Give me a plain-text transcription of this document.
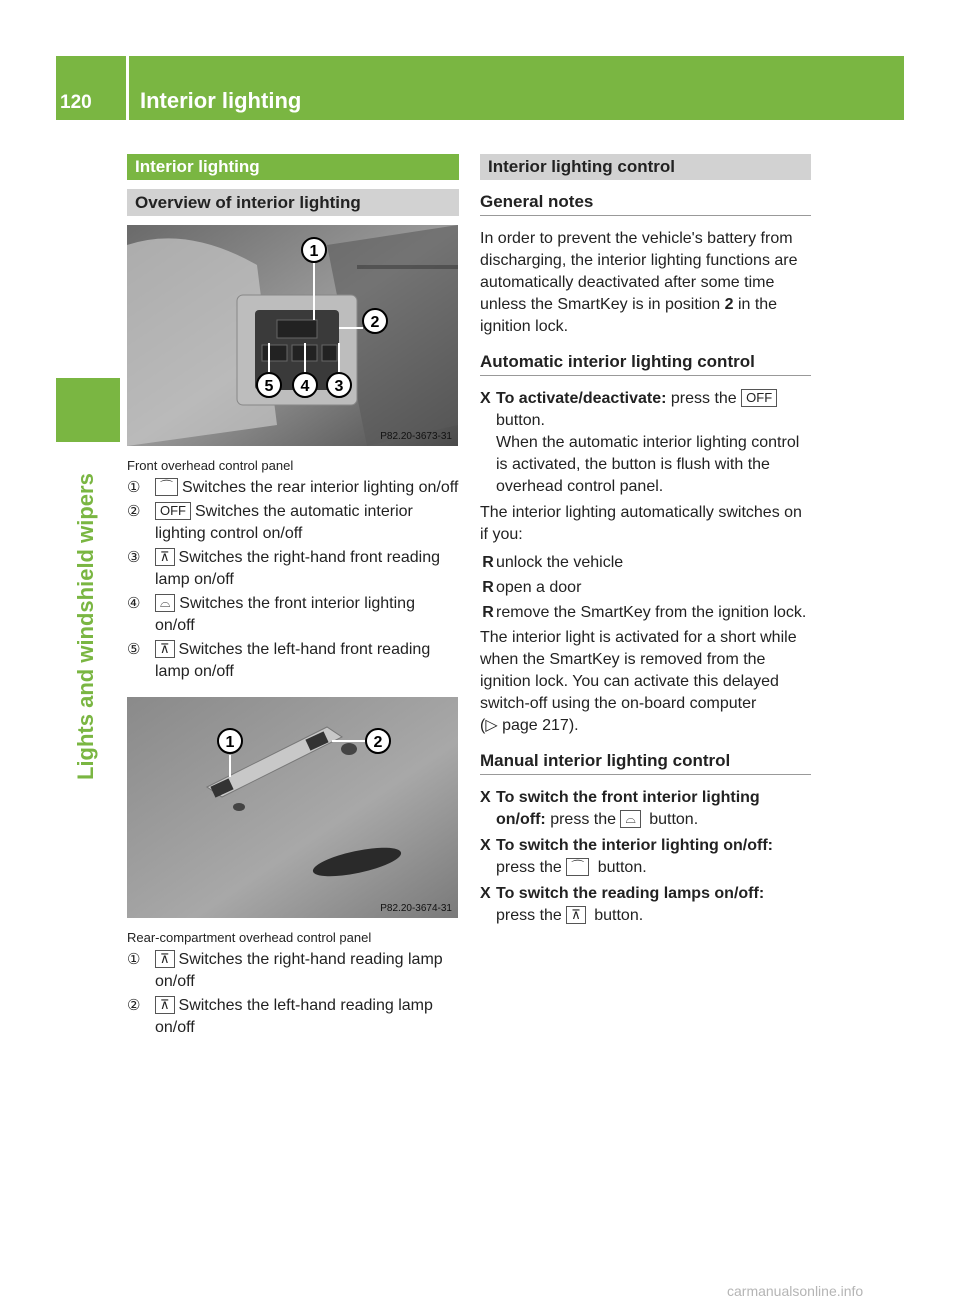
120 Interior lighting
Lights and windshield wipers
Interior lighting
Overview of interior lighting
1
2
3
4
5
P82.20-3673-31
Front overhead control panel
①	⌒ Switches the rear interior lighting on/off
②	OFF Switches the automatic interior lighting control on/off
③	⊼ Switches the right-hand front reading lamp on/off
④	⌓ Switches the front interior lighting on/off
⑤	⊼ Switches the left-hand front reading lamp on/off
1	2
P82.20-3674-31
Rear-compartment overhead control panel
①	⊼ Switches the right-hand reading lamp on/off
②	⊼ Switches the left-hand reading lamp on/off
Interior lighting control
General notes

In order to prevent the vehicle's battery from discharging, the interior lighting functions are automatically deactivated after some time unless the SmartKey is in position 2 in the ignition lock.

Automatic interior lighting control
X To activate/deactivate: press the OFF
button.
When the automatic interior lighting control is activated, the button is flush with the overhead control panel.

The interior lighting automatically switches on if you:

R unlock the vehicle
R open a door
R remove the SmartKey from the ignition lock.

The interior light is activated for a short while when the SmartKey is removed from the ignition lock. You can activate this delayed switch-off using the on-board computer
(▷ page 217).

Manual interior lighting control
X To switch the front interior lighting on/off: press the ⌓ button.
X To switch the interior lighting on/off:
press the ⌒ button.
X To switch the reading lamps on/off:
press the ⊼ button.
carmanualsonline.info
